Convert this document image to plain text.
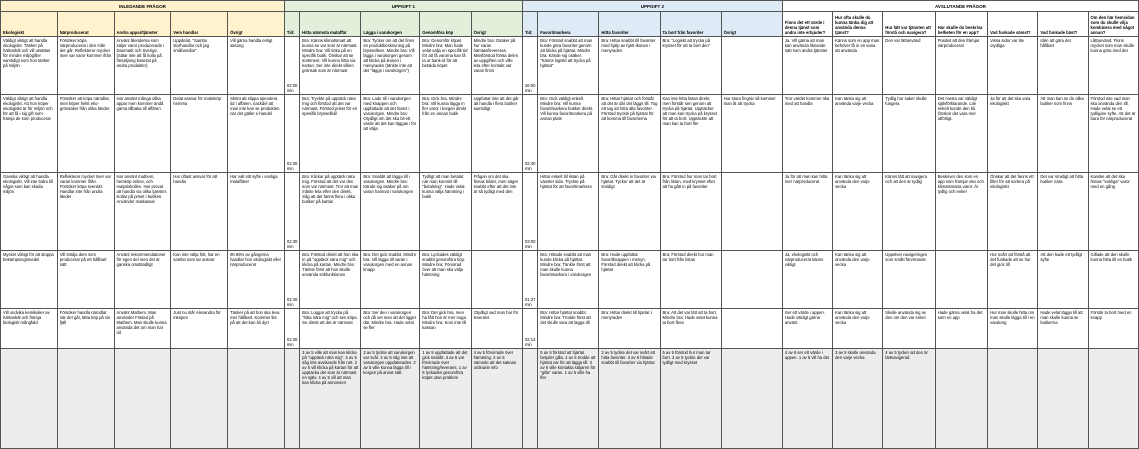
INLEDANDE FRÅGOR					UPPGIFT 1					UPPGIFT 2					AVSLUTANDE FRÅGOR						
Ekologiskt	Närproducerat	Andra appar/tjänster	Vem handlar	Övrigt	Tid:	Hitta närmsta mataffär	Lägga i varukorgen	Genomföra köp	Övrigt	Tid:	Favoritmarkera	Hitta favoriter	Ta bort från favoriter	Övrigt	Finns det ett värde i denna tjänst som andra inte erbjuder?	Hur ofta skulle du kunna tänka dig att använda denna tjänst?	Hur lätt var tjänsten att förstå och navigera?	Hur skulle du beskriva helheten för en app?	Vad funkade sämst?	Vad funkade bäst?	Om den här hemsidan som du skulle vilja kombinera med något annan?
Väldigt viktigt att handla ekologiskt. Tänker på hälsoskäl och vill utsättas för mindre miljögifter samtidigt som hon tänker på miljön	Försöker köpa närproducerat i den mån det går. Reflekterar mycket över var varor kommer ifrån	Använt återiderna som säljer varor producerade i Danmark och Sverige. (Sälar inte att få kolla på försäljning baserat på andra produkter)	Uppdelat. "Sambo storhandlar och jag småhandlar"	Vill gärna handla enligt säsong	02:00 min	Bra: Känns klimatsmart att kunna se var som är närmast. Mindre bra: Vill söka på en specifik butik. Önskar att se sortiment. Vill kunna hitta via kartan. Ser inte direkt vilken grönsak som är närmast	Bra: Tycker om att det finns en produktbeskrivning på bryssellsen. Mindre bra: Vill lägga i varukorgen genom att klicka på ikonen i menyraden (tänkte inte att det "läggs i varukorgen")	Bra: Genomför köpet. Mindre bra: Man hade velat välja en specifik tid för att få varorna kan få ta ut bank-id för att betalda köpet	Mindre bra: Osäker på hur varan hämtas/levereras. Missförstod första delen av uppgiften och ville leta efter kontakt var varan finns	26:00 min	Bra: Förstod snabbt att man kunde göra favoriter genom att klicka på hjärtat. Mindre bra: Kände sig osäker. "Känns logiskt att trycka på hjärtat"	Bra: Hittar snabbt till favoriter med hjälp av hjärt-ikonen i menyraden	Bra: "Logiskt att trycka på krysset för att ta bort den"		Ja. Vill gärna att man kan använda liknande sätt som andra tjänster	Känns som en app man behöver få in en vana att använda	Den var lättanvänd	Positivt att den främjar närproducerat	Vissa sidor var lite otydliga	Idén att göra det hållbart	Låttanvänd. Finns mycket som man skulle kunna göra med det
Väldigt viktigt att handla ekologiskt. Att hon köper ekologiskt är för miljön och för att få i sig gift som främja de som producerar	Försöker att köpa närodlat, men köper helst eko-grönsaker från olika länder	Har använt många olika appar men kommer ändå gärna tillbaka till affären	Delat ansvar för matinköp hemma	Skönt att slippa spendera tid i affären, nackdel att man inte kan se produkten när det gäller e-handel	02:30 min	Bra: Tryckte på upptäck nära mig och förstod att det var närmast. Förstod priset för en spesifik bryssellkål	Bra: Lade till i varukorgen med knappen och uppfattade att det fanns i varukorgen. Mindre bra: Otydligt om det ska bli ett värde att det kan läggas i för att välja	Bra: Gick bra. Mindre bra: Vill kunna lägga in fler varor i korgen direkt från en annan butik	Uppfattar inte att det går att handla i flera butiker samtidigt	02:40 min	Bra: Gick väldigt enkelt. Mindre bra: Vill kunna favoritmarkera butiker direkt. Vill kunna favoritmarkera på annan plats	Bra: Hittar hjärtat och förstår att det är där det läggs till. Tog ett tag att hitta alla favoriter. Förstod tryckte på hjärtat för att komma till favoriterna	Kan inte hitta listan direkt, men förstår sen genom att trycka på hjärtat. Upptäcker att man kan trycka på krysset för att ta bort. Upptäckte att man kan ta bort fler	Hur stora fingrar så kommer man åt att trycka	Tror värdet kommer öka med att handla	Kan tänka sig att använda varje vecka	Tydlig hur saker skulle fungera	Det mesta var väldigt självförklarande. Lite enkelt kunde den bli. Önskar det vara mer utförligt.	Ja för att det ska vara ekologiskt	Att man kan se de olika butiker som finns	Förstod inte vad man ska använda den till. Hade velat se ett tydligare syfte. Att det är bara för närproducerat
Ganska viktigt att handla ekologiskt. Vill inte bidra till något som kan skada miljön	Reflekterar mycket över var varan kommer ifrån. Försöker köpa svenskt. Handlar inte från andra länder	Har använt mathem, hemköp online, och matpriskollen. Har provat att handla via olika tjänster. Kollar på priset i butiken. Använder matkassar	Har oftast ansvar för att handla	Har valt sitt syfte i vanliga mataffärer	02:30 min	Bra: Klickar på upptäck nära mig. Förstod att det var den som var närmast. Tror att man måste leta efter den direkt. Såg att det fanns flera i olika butiker på kartan	Bra: Snabbt att lägga till i varukorgen. Mindre bra: Kände sig osäker på om varan hamnat i varukorgen	Tydligt att man betalat när man kommit till "betalning". Hade velat kunna välja hämtning i butik	Frågan om det ska finnas bilder, men säger snabbt efter att det inte är så tydligt med den	03:00 min	Hittar enkelt till listan på vänster sida. Tryckte på hjärtat för att favoritmarkera	Bra: Går direkt in favoriter via hjärtat. Tycker att det är smidigt	Bra: Förstod hur man tar bort från listan, med krysset efter att ha gått in på favoriter		Ja för att man kan hitta mer närproducerat	Kan tänka sig att använda den varje vecka	Känns lätt att navigera och att den är tydlig	Beskriver den som en app som främjar eko och klimatsmarta varor. Är tydlig och enkel	Önskar att det fanns ett filter för att sortera på ekologiskt	Det var smidigt att hitta butiker nära	Kanske att det ska finnas "vanliga" varor med en gång
Mycket viktigt för att stoppa bekämpningsmedel	Vill stödja dem som producerar på ett hållbart sätt	Använt rekommendationer för egen del men det är ganska omständligt	Kan inte välja fritt, har en sambo som tar ansvar	90.95% av gångerna handlar hon ekologiskt eller närproducerat	02:40 min	Bra: Förstod direkt att hon ska in på "upptäck nära mig" och klicka på kartan. Mindre bra: Tänkte först att hon skulle använda sökfunktionen	Bra: Det gick snabbt. Mindre bra: Vill lägga till varan i varukorgen med en annan knapp	Bra: Lyckades väldigt snabbt genomföra köp. Mindre bra: Förvirrad över att man ska välja hämtning		01:27 min	Bra: Hittade snabbt att man kunde klicka på hjärtat. Mindre bra: Tänkte först att man skulle kunna favoritmarkera i varukorgen	Bra: Hade uppfattat favoritknappen i menyn. Förstod direkt att klicka på hjärtat	Bra: Förstod direkt hur man tar bort från listan		Ja, ekologiskt och närproducerat känns viktigt	Kan tänka sig att använda den varje vecka	Uppelver navigeringen som smått förvirrande		Hur svårt att förstå att det funkade att se hur det gick till	Att den hade ett tydligt syfte	Gillade att den skulle kunna hitta till en butik
Vill undvika kemikalier av hälsoskäl och främja biologisk mångfald	Försöker handla närodlat när det går, lätta köp på sin fjäll	Använt Mathem. Man använder Fristad på Mathem. Man skulle kunna använda det om man har tid	Just nu står Alexandra för inköpen	Tänker på att hon ska leva mer hållbart. Kommer lite på att det kan bli dyrt	02:30 min	Bra: Loggar att trycka på "hitta nära mig" och sen köpa. Se direkt att det är närmast	Bra: Ser den i varukorgen och då vet man att det ligger där. Mindre bra: Hade velat se fler	Bra: Det gick bra, men ha fått hon är mer noga. Mindre bra: Kom inte till kassan	Otydligt vad man har för leverans	02:14 min	Bra: Hittar hjärtat snabbt. Mindre bra: Trodde först att det skulle vara att lägga till	Bra: Hittar direkt till hjärtat i menyraden	Bra: Att det var lätt att ta bort. Mindre bra: Hade velat kunna ta bort flera		Ser ett värde i appen. Hade väldigt gärna använt	Kan tänka sig att använda den varje vecka	Skulle använda sig av den om den var enkel	Hade gärna velat ha det som en app	Hur man skulle hitta om man skulle lägga till i en varukorg	Hade velat lägga till att man skulle kunna se butikerna	Försök ta bort med en knapp
						3 av 5 ville att man kan klicka på "upptäck nära mig". 4 av 5 såg inte avvikande från rutt. 2 av 5 vill klicka på kartan för att upptäcka det som är närmast en själv. 4 av 5 vill att man kan klicka på annonsen	2 av 5 tyckte att varukorgen var svår. 3 av 5 såg inte att varukorgen uppdaterades. 2 av 5 ville kunna lägga till i korgen på annat sätt	1 av 5 uppfattade att det gick snabbt. 3 av 5 var förvirrade över hämtning/leverans. 1 av 5 lyckades genomföra köpet utan problem	4 av 5 förvirrade över hämtning. 2 av 5 nämnde att det saknas ordinarie info		5 av 5 förstod att hjärtat betyder gilla. 2 av 5 trodde att hjärtat var för att lägga till. 3 av 5 ville kontakta säljaren för "gilla" varan. 1 av 5 ville ha fler	2 av 5 tyckte det var svårt att hitta favoriter. 3 av 5 hittade snabbt till favoriter via hjärtat	5 av 5 förstod hur man tar bort. 3 av 5 tyckte det var tydligt med krysset		4 av 5 ser ett värde i appen. 1 av 5 vill ha det	3 av 5 skulle använda den varje vecka	4 av 5 tycker att den är lättnavigerad				
